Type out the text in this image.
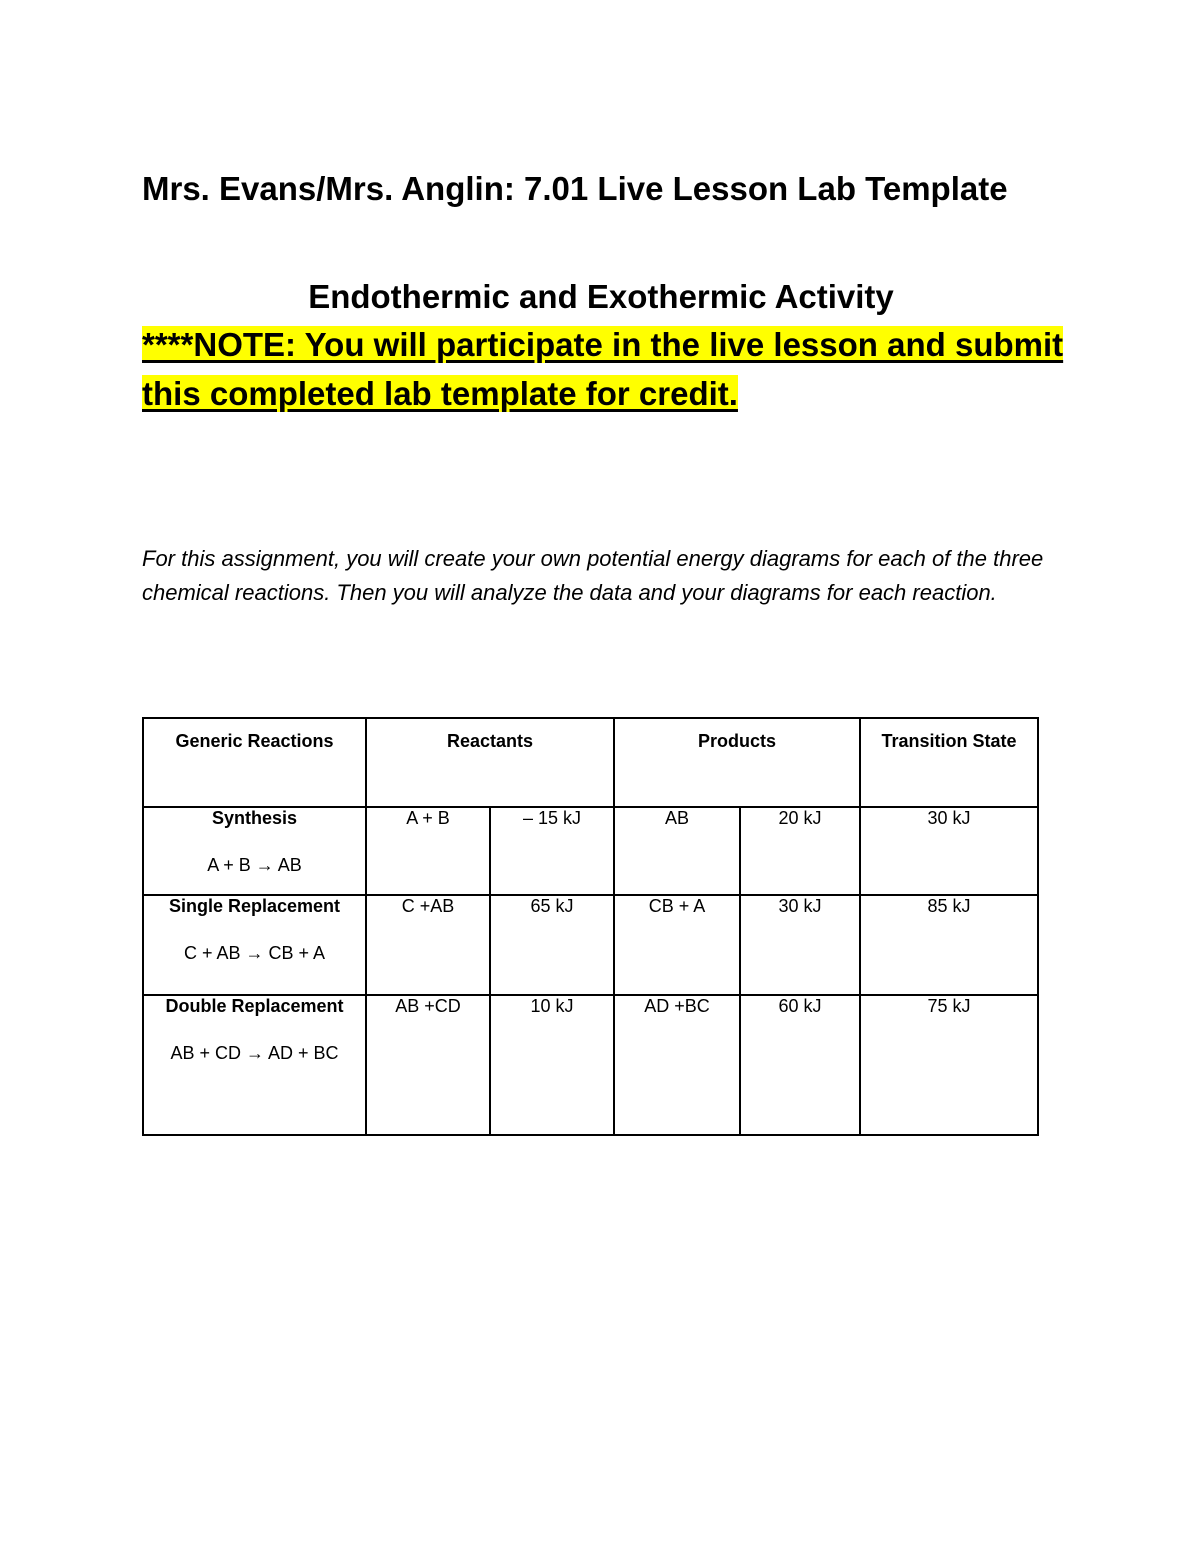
Mrs. Evans/Mrs. Anglin: 7.01 Live Lesson Lab Template
Endothermic and Exothermic Activity

****NOTE: You will participate in the live lesson and submit this completed lab template for credit.

For this assignment, you will create your own potential energy diagrams for each of the three chemical reactions. Then you will analyze the data and your diagrams for each reaction.

Generic Reactions	Reactants		Products		Transition State

Synthesis
A + B → AB	A + B	– 15 kJ	AB	20 kJ	30 kJ

Single Replacement
C + AB → CB + A	C +AB	65 kJ	CB + A	30 kJ	85 kJ

Double Replacement
AB + CD → AD + BC	AB +CD	10 kJ	AD +BC	60 kJ	75 kJ
